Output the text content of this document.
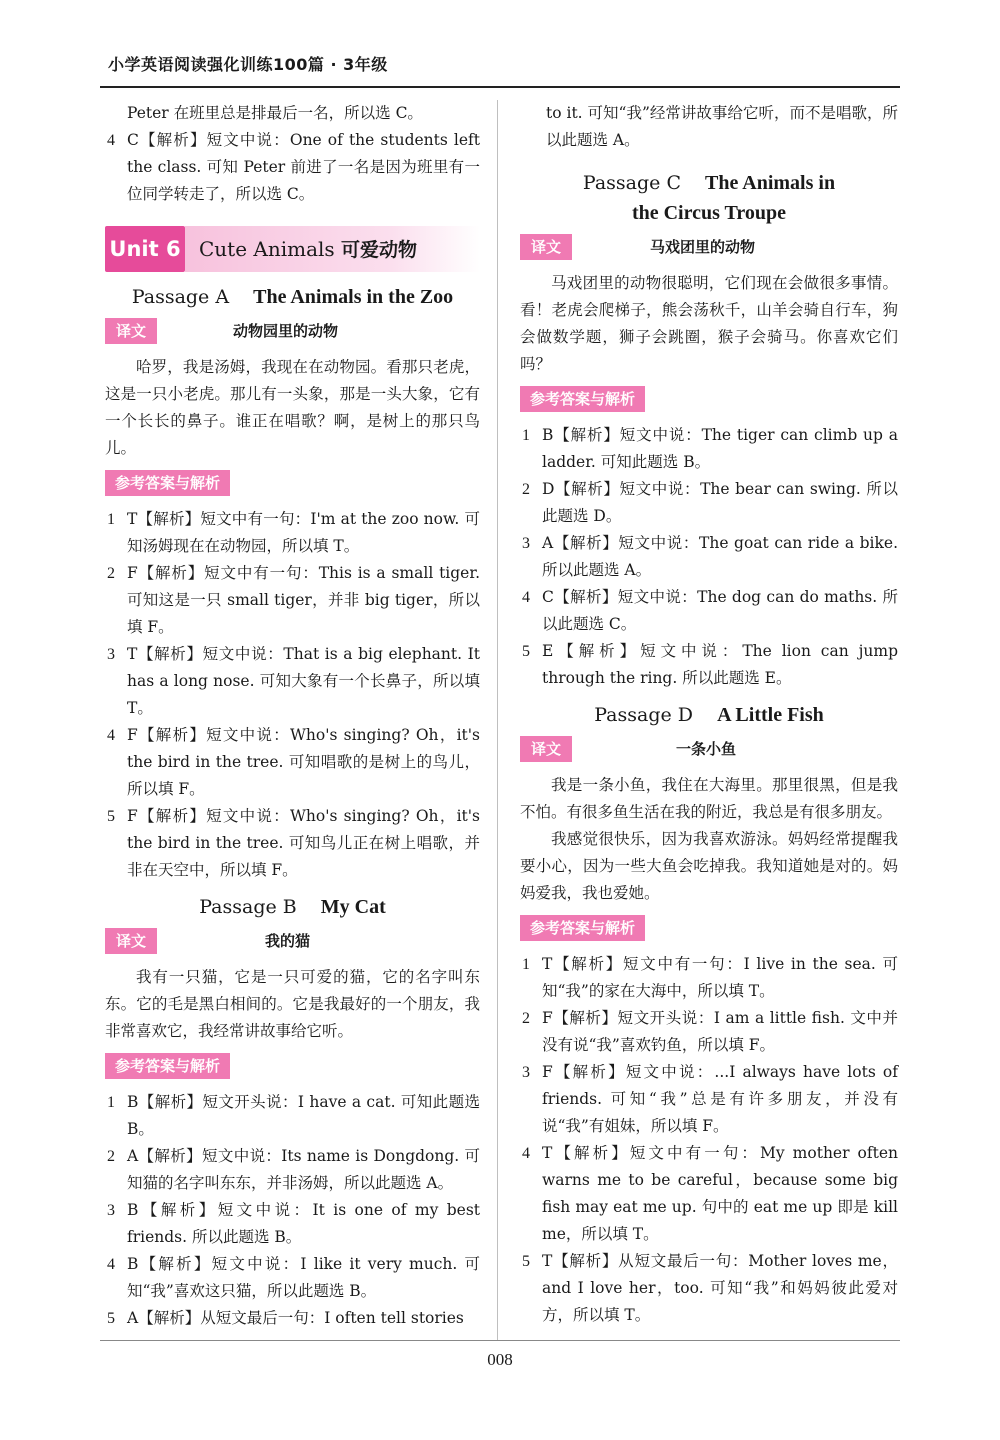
小学英语阅读强化训练100篇 · 3年级

Peter 在班里总是排最后一名，所以选 C。

4 C【解析】短文中说：One of the students left the class. 可知 Peter 前进了一名是因为班里有一位同学转走了，所以选 C。
Unit 6 Cute Animals 可爱动物
Passage A The Animals in the Zoo
译文	动物园里的动物

哈罗，我是汤姆，我现在在动物园。看那只老虎，这是一只小老虎。那儿有一头象，那是一头大象，它有一个长长的鼻子。谁正在唱歌？啊，是树上的那只鸟儿。

参考答案与解析
1 T【解析】短文中有一句：I'm at the zoo now. 可知汤姆现在在动物园，所以填 T。
2 F【解析】短文中有一句：This is a small tiger. 可知这是一只 small tiger，并非 big tiger，所以填 F。
3 T【解析】短文中说：That is a big elephant. It has a long nose. 可知大象有一个长鼻子，所以填 T。
4 F【解析】短文中说：Who's singing? Oh，it's the bird in the tree. 可知唱歌的是树上的鸟儿，所以填 F。
5 F【解析】短文中说：Who's singing? Oh，it's the bird in the tree. 可知鸟儿正在树上唱歌，并非在天空中，所以填 F。
Passage B My Cat
译文	我的猫

我有一只猫，它是一只可爱的猫，它的名字叫东东。它的毛是黑白相间的。它是我最好的一个朋友，我非常喜欢它，我经常讲故事给它听。

参考答案与解析
1 B【解析】短文开头说：I have a cat. 可知此题选 B。
2 A【解析】短文中说：Its name is Dongdong. 可知猫的名字叫东东，并非汤姆，所以此题选 A。
3 B【解析】短文中说：It is one of my best friends. 所以此题选 B。
4 B【解析】短文中说：I like it very much. 可知“我”喜欢这只猫，所以此题选 B。
5 A【解析】从短文最后一句：I often tell stories

to it. 可知“我”经常讲故事给它听，而不是唱歌，所以此题选 A。

Passage C The Animals in
the Circus Troupe
译文	马戏团里的动物

马戏团里的动物很聪明，它们现在会做很多事情。看！老虎会爬梯子，熊会荡秋千，山羊会骑自行车，狗会做数学题，狮子会跳圈，猴子会骑马。你喜欢它们吗？

参考答案与解析
1 B【解析】短文中说：The tiger can climb up a ladder. 可知此题选 B。
2 D【解析】短文中说：The bear can swing. 所以此题选 D。
3 A【解析】短文中说：The goat can ride a bike. 所以此题选 A。
4 C【解析】短文中说：The dog can do maths. 所以此题选 C。
5 E【解析】短文中说：The lion can jump through the ring. 所以此题选 E。
Passage D A Little Fish
译文	一条小鱼

我是一条小鱼，我住在大海里。那里很黑，但是我不怕。有很多鱼生活在我的附近，我总是有很多朋友。

我感觉很快乐，因为我喜欢游泳。妈妈经常提醒我要小心，因为一些大鱼会吃掉我。我知道她是对的。妈妈爱我，我也爱她。

参考答案与解析
1 T【解析】短文中有一句：I live in the sea. 可知“我”的家在大海中，所以填 T。
2 F【解析】短文开头说：I am a little fish. 文中并没有说“我”喜欢钓鱼，所以填 F。
3 F【解析】短文中说：...I always have lots of friends. 可知“我”总是有许多朋友，并没有说“我”有姐妹，所以填 F。
4 T【解析】短文中有一句：My mother often warns me to be careful，because some big fish may eat me up. 句中的 eat me up 即是 kill me，所以填 T。
5 T【解析】从短文最后一句：Mother loves me，and I love her，too. 可知“我”和妈妈彼此爱对方，所以填 T。
008
